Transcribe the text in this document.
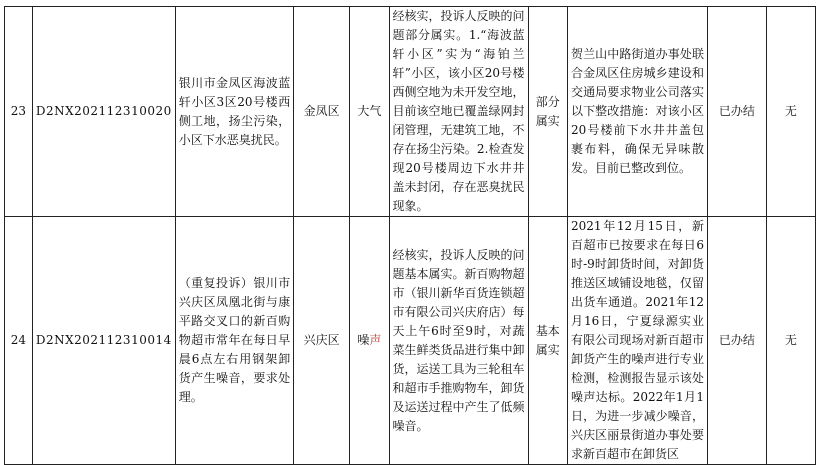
23	D2NX202112310020	银川市金凤区海波蓝轩小区3区20号楼西侧工地，扬尘污染，小区下水恶臭扰民。	金凤区	大气	经核实，投诉人反映的问题部分属实。1.“海波蓝轩小区”实为“海铂兰轩”小区，该小区20号楼西侧空地为未开发空地，目前该空地已覆盖绿网封闭管理，无建筑工地，不存在扬尘污染。2.检查发现20号楼周边下水井井盖未封闭，存在恶臭扰民现象。	部分属实	贺兰山中路街道办事处联合金凤区住房城乡建设和交通局要求物业公司落实以下整改措施：对该小区20号楼前下水井井盖包裹布料，确保无异味散发。目前已整改到位。	已办结	无
24	D2NX202112310014	（重复投诉）银川市兴庆区凤凰北街与康平路交叉口的新百购物超市常年在每日早晨6点左右用钢架卸货产生噪音，要求处理。	兴庆区	噪声	经核实，投诉人反映的问题基本属实。新百购物超市（银川新华百货连锁超市有限公司兴庆府店）每天上午6时至9时，对蔬菜生鲜类货品进行集中卸货，运送工具为三轮租车和超市手推购物车，卸货及运送过程中产生了低频噪音。	基本属实	2021年12月15日，新百超市已按要求在每日6时-9时卸货时间，对卸货推送区域铺设地毯，仅留出货车通道。2021年12月16日，宁夏绿源实业有限公司现场对新百超市卸货产生的噪声进行专业检测，检测报告显示该处噪声达标。2022年1月1日，为进一步减少噪音，兴庆区丽景街道办事处要求新百超市在卸货区	已办结	无
